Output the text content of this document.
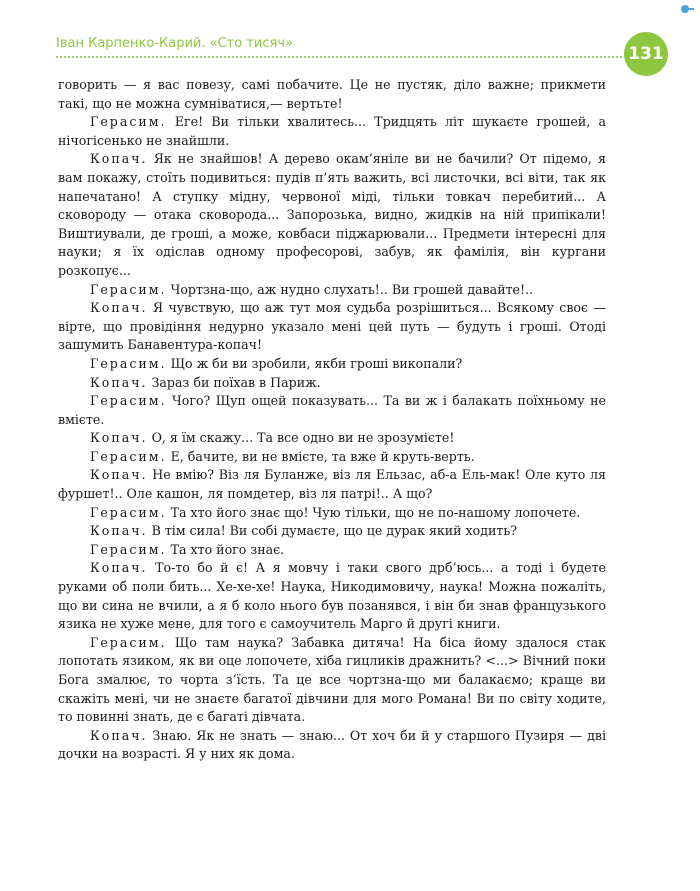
Іван Карпенко-Карий. «Сто тисяч»
131

говорить — я вас повезу, самі побачите. Це не пустяк, діло важне; прикмети такі, що не можна сумніватися,— вертьте!

Герасим. Еге! Ви тільки хвалитесь... Тридцять літ шукаєте грошей, а нічогісенько не знайшли.

Копач. Як не знайшов! А дерево окам’яніле ви не бачили? От підемо, я вам покажу, стоїть подивиться: пудів п’ять важить, всі листочки, всі віти, так як напечатано! А ступку мідну, червоної міді, тільки товкач перебитий... А сковороду — отака сковорода... Запорозька, видно, жидків на ній припікали! Виштиували, де гроші, а може, ковбаси піджарювали... Предмети інтересні для науки; я їх одіслав одному професорові, забув, як фамілія, він кургани розкопує...

Герасим. Чортзна-що, аж нудно слухать!.. Ви грошей давайте!..

Копач. Я чувствую, що аж тут моя судьба розрішиться... Всякому своє — вірте, що провідіння недурно указало мені цей путь — будуть і гроші. Отоді зашумить Банавентура-копач!

Герасим. Що ж би ви зробили, якби гроші викопали?

Копач. Зараз би поїхав в Париж.

Герасим. Чого? Щуп ощей показувать... Та ви ж і балакать поїхньому не вмієте.

Копач. О, я їм скажу... Та все одно ви не зрозумієте!

Герасим. Е, бачите, ви не вмієте, та вже й круть-верть.

Копач. Не вмію? Віз ля Буланже, віз ля Ельзас, аб-а Ель-мак! Оле куто ля фуршет!.. Оле кашон, ля помдетер, віз ля патрі!.. А що?

Герасим. Та хто його знає що! Чую тільки, що не по-нашому лопочете.

Копач. В тім сила! Ви собі думаєте, що це дурак який ходить?

Герасим. Та хто його знає.

Копач. То-то бо й є! А я мовчу і таки свого дрб’юсь... а тоді і будете руками об поли бить... Хе-хе-хе! Наука, Никодимовичу, наука! Можна пожаліть, що ви сина не вчили, а я б коло нього був позанявся, і він би знав французького язика не хуже мене, для того є самоучитель Марго й другі книги.

Герасим. Що там наука? Забавка дитяча! На біса йому здалося стак лопотать язиком, як ви оце лопочете, хіба гицликів дражнить? <...> Вічний поки Бога змалює, то чорта з’їсть. Та це все чортзна-що ми балакаємо; краще ви скажіть мені, чи не знаєте багатої дівчини для мого Романа! Ви по світу ходите, то повинні знать, де є багаті дівчата.

Копач. Знаю. Як не знать — знаю... От хоч би й у старшого Пузиря — дві дочки на возрасті. Я у них як дома.
